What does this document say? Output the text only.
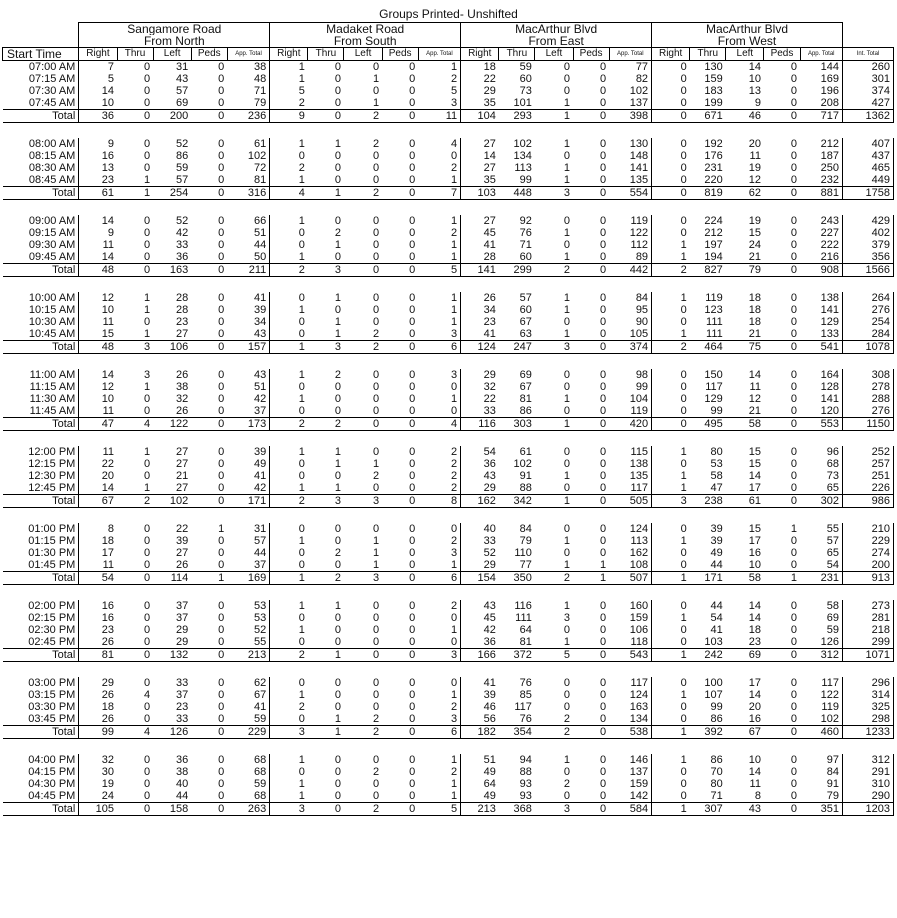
Groups Printed- Unshifted
	Sangamore Road					Madaket Road					MacArthur Blvd					MacArthur Blvd					
	From North					From South					From East					From West					
Start Time	Right	Thru	Left	Peds	App. Total	Right	Thru	Left	Peds	App. Total	Right	Thru	Left	Peds	App. Total	Right	Thru	Left	Peds	App. Total	Int. Total
07:00 AM	7	0	31	0	38	1	0	0	0	1	18	59	0	0	77	0	130	14	0	144	260
07:15 AM	5	0	43	0	48	1	0	1	0	2	22	60	0	0	82	0	159	10	0	169	301
07:30 AM	14	0	57	0	71	5	0	0	0	5	29	73	0	0	102	0	183	13	0	196	374
07:45 AM	10	0	69	0	79	2	0	1	0	3	35	101	1	0	137	0	199	9	0	208	427
Total	36	0	200	0	236	9	0	2	0	11	104	293	1	0	398	0	671	46	0	717	1362

08:00 AM	9	0	52	0	61	1	1	2	0	4	27	102	1	0	130	0	192	20	0	212	407
08:15 AM	16	0	86	0	102	0	0	0	0	0	14	134	0	0	148	0	176	11	0	187	437
08:30 AM	13	0	59	0	72	2	0	0	0	2	27	113	1	0	141	0	231	19	0	250	465
08:45 AM	23	1	57	0	81	1	0	0	0	1	35	99	1	0	135	0	220	12	0	232	449
Total	61	1	254	0	316	4	1	2	0	7	103	448	3	0	554	0	819	62	0	881	1758

09:00 AM	14	0	52	0	66	1	0	0	0	1	27	92	0	0	119	0	224	19	0	243	429
09:15 AM	9	0	42	0	51	0	2	0	0	2	45	76	1	0	122	0	212	15	0	227	402
09:30 AM	11	0	33	0	44	0	1	0	0	1	41	71	0	0	112	1	197	24	0	222	379
09:45 AM	14	0	36	0	50	1	0	0	0	1	28	60	1	0	89	1	194	21	0	216	356
Total	48	0	163	0	211	2	3	0	0	5	141	299	2	0	442	2	827	79	0	908	1566

10:00 AM	12	1	28	0	41	0	1	0	0	1	26	57	1	0	84	1	119	18	0	138	264
10:15 AM	10	1	28	0	39	1	0	0	0	1	34	60	1	0	95	0	123	18	0	141	276
10:30 AM	11	0	23	0	34	0	1	0	0	1	23	67	0	0	90	0	111	18	0	129	254
10:45 AM	15	1	27	0	43	0	1	2	0	3	41	63	1	0	105	1	111	21	0	133	284
Total	48	3	106	0	157	1	3	2	0	6	124	247	3	0	374	2	464	75	0	541	1078

11:00 AM	14	3	26	0	43	1	2	0	0	3	29	69	0	0	98	0	150	14	0	164	308
11:15 AM	12	1	38	0	51	0	0	0	0	0	32	67	0	0	99	0	117	11	0	128	278
11:30 AM	10	0	32	0	42	1	0	0	0	1	22	81	1	0	104	0	129	12	0	141	288
11:45 AM	11	0	26	0	37	0	0	0	0	0	33	86	0	0	119	0	99	21	0	120	276
Total	47	4	122	0	173	2	2	0	0	4	116	303	1	0	420	0	495	58	0	553	1150

12:00 PM	11	1	27	0	39	1	1	0	0	2	54	61	0	0	115	1	80	15	0	96	252
12:15 PM	22	0	27	0	49	0	1	1	0	2	36	102	0	0	138	0	53	15	0	68	257
12:30 PM	20	0	21	0	41	0	0	2	0	2	43	91	1	0	135	1	58	14	0	73	251
12:45 PM	14	1	27	0	42	1	1	0	0	2	29	88	0	0	117	1	47	17	0	65	226
Total	67	2	102	0	171	2	3	3	0	8	162	342	1	0	505	3	238	61	0	302	986

01:00 PM	8	0	22	1	31	0	0	0	0	0	40	84	0	0	124	0	39	15	1	55	210
01:15 PM	18	0	39	0	57	1	0	1	0	2	33	79	1	0	113	1	39	17	0	57	229
01:30 PM	17	0	27	0	44	0	2	1	0	3	52	110	0	0	162	0	49	16	0	65	274
01:45 PM	11	0	26	0	37	0	0	1	0	1	29	77	1	1	108	0	44	10	0	54	200
Total	54	0	114	1	169	1	2	3	0	6	154	350	2	1	507	1	171	58	1	231	913

02:00 PM	16	0	37	0	53	1	1	0	0	2	43	116	1	0	160	0	44	14	0	58	273
02:15 PM	16	0	37	0	53	0	0	0	0	0	45	111	3	0	159	1	54	14	0	69	281
02:30 PM	23	0	29	0	52	1	0	0	0	1	42	64	0	0	106	0	41	18	0	59	218
02:45 PM	26	0	29	0	55	0	0	0	0	0	36	81	1	0	118	0	103	23	0	126	299
Total	81	0	132	0	213	2	1	0	0	3	166	372	5	0	543	1	242	69	0	312	1071

03:00 PM	29	0	33	0	62	0	0	0	0	0	41	76	0	0	117	0	100	17	0	117	296
03:15 PM	26	4	37	0	67	1	0	0	0	1	39	85	0	0	124	1	107	14	0	122	314
03:30 PM	18	0	23	0	41	2	0	0	0	2	46	117	0	0	163	0	99	20	0	119	325
03:45 PM	26	0	33	0	59	0	1	2	0	3	56	76	2	0	134	0	86	16	0	102	298
Total	99	4	126	0	229	3	1	2	0	6	182	354	2	0	538	1	392	67	0	460	1233

04:00 PM	32	0	36	0	68	1	0	0	0	1	51	94	1	0	146	1	86	10	0	97	312
04:15 PM	30	0	38	0	68	0	0	2	0	2	49	88	0	0	137	0	70	14	0	84	291
04:30 PM	19	0	40	0	59	1	0	0	0	1	64	93	2	0	159	0	80	11	0	91	310
04:45 PM	24	0	44	0	68	1	0	0	0	1	49	93	0	0	142	0	71	8	0	79	290
Total	105	0	158	0	263	3	0	2	0	5	213	368	3	0	584	1	307	43	0	351	1203
